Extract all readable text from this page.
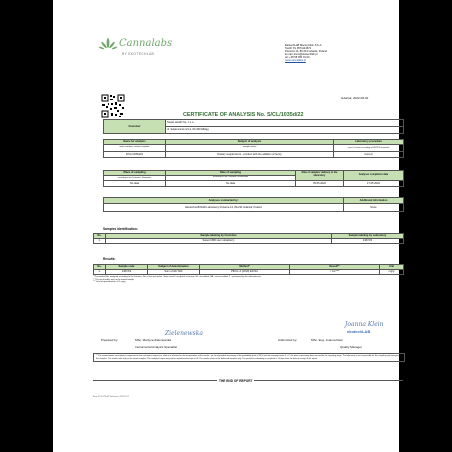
Cannalabs
BY EKOTECHLAB
EkotechLAB Maciej Klein S.K.A.
TaxID: PL 9571141572
Pozarna 14, 80-231 Gdańsk, Poland
E-mail: biuro@ekotechlab.pl
tel: +48 58 380 01 00
www.cannalabs.pl
Gdańsk, 2022-08-02
CERTIFICATE OF ANALYSIS No. S/CL/1035d/22
Customer	Sweet Health Sp. z o.o.
ul. Sukiennicza 4/1-2, 82-300 Elbląg
Basis for analysis	Subject of analysis	Laboratory procedure
order number, contract number	sample matrix	correct / incorrect according to LW-PR-05 instruction
Z/CL/1035d/22	Dietary supplements - product with the addition of hemp	Correct
Place of sampling	Date of sampling	Date of samples' delivery to the laboratory	Analyses completion date
according to the Customer's information	according to the Customer's information		
No data	No data	05.05.2022	17.05.2022
Analyses conducted by:	Additional information
EkotechLAB R&D Laboratory Pozarna 14, 80-231 Gdańsk, Poland	None
Samples identification:
No.	Sample labeling by Customer	Sample labeling by Laboratory
1.	Sweet CBD sour strawberry	1467/22
Results:
No.	Sample code	Subject of determination	Method*	Result**	Unit
1.	1467/22	Sum of Δ9-THC	PB-CL-2 (2019) ED.NA	< 0.2 ***	mg/g
* The method No. assigned according to the licensee; No. of test procedure / date issued / analytical technique / A - accredited, NA - not accredited, P - performed by the subcontractor
** The result refers only to the tested sample
*** Limit of quantification <0.1 mg/g
Zielenewska
Prepared by:	MSc. Martyna Zielenewska
Instrumental Analysis Specialist
Joanna Klein
ekotechLAB
Authorized by:	MSc. Eng. Joanna Klein
Quality Manager
** The measurement uncertainty is expressed at the customer's request, or when it is relevant for the interpretation of the results - as the expanded uncertainty at the probability level of 95% and the coverage factor k = 2; the given uncertainty does not include the sampling stage. The laboratory is not responsible for the sampling and transport of the samples. The results refer only to the tested samples. The analytical report may not be reproduced except in full. The results relate to the delivered samples only. The period for submitting a complaint is 14 days from the date of receipt of the report.
THE END OF REPORT
Form PJ-CL/PR-01 Valid since: 2021.07.17
